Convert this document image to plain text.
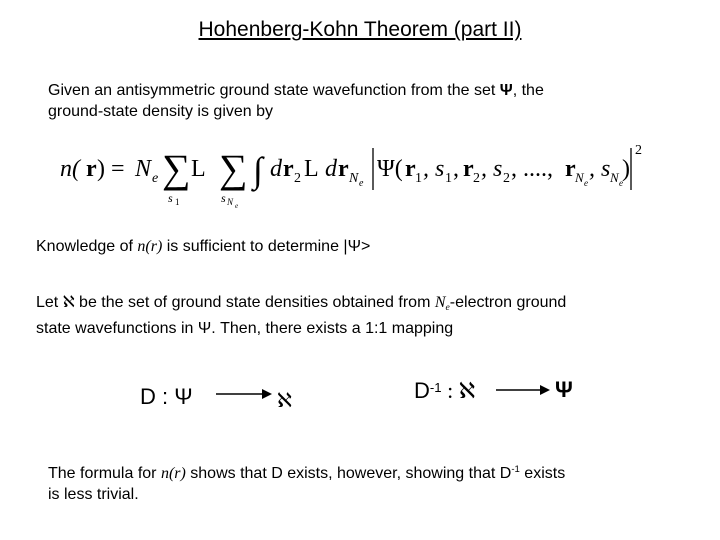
Hohenberg-Kohn Theorem (part II)
Given an antisymmetric ground state wavefunction from the set Ψ, the
ground-state density is given by
n( r ) = N e ∑
s 1
L ∑
s N e
∫ d r 2 L d r N e
Ψ( r 1 , s 1 , r 2 , s 2 , ...., r N e
, s N e
)
2
Knowledge of n(r) is sufficient to determine |Ψ>
Let ℵ be the set of ground state densities obtained from $N_e$-electron ground
state wavefunctions in Ψ. Then, there exists a 1:1 mapping
D : Ψ	ℵ	$D^{-1}$ : ℵ	Ψ
The formula for n(r) shows that D exists, however, showing that $D^{-1}$ exists
is less trivial.
